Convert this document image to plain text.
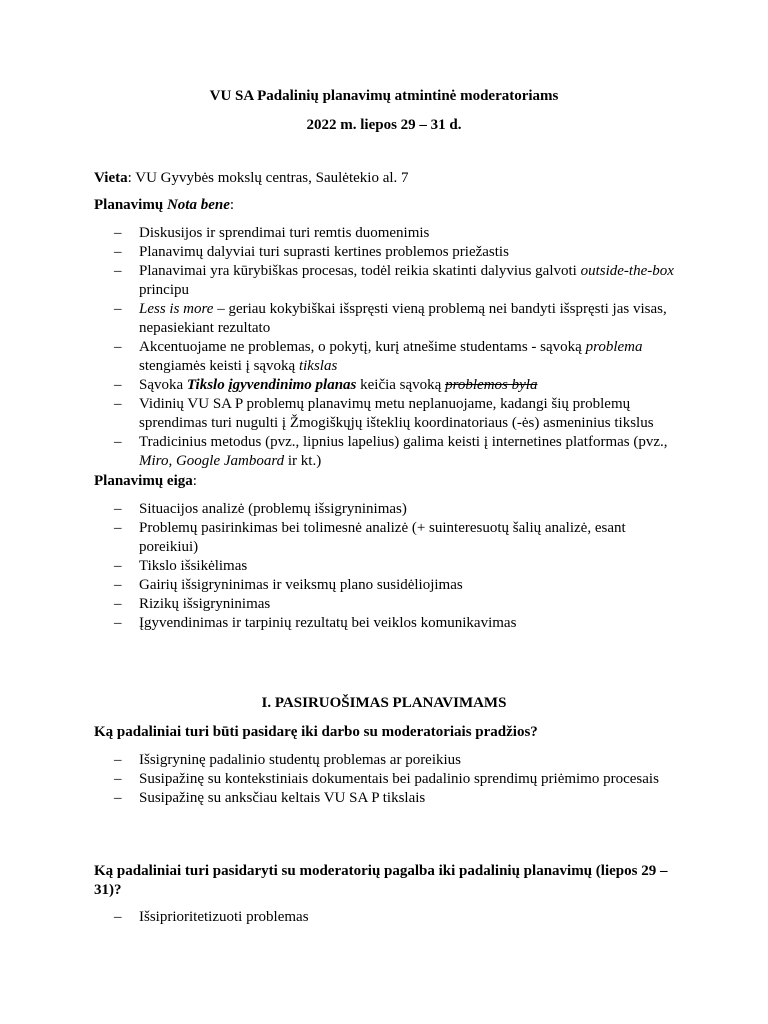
VU SA Padalinių planavimų atmintinė moderatoriams
2022 m. liepos 29 – 31 d.
Vieta: VU Gyvybės mokslų centras, Saulėtekio al. 7
Planavimų Nota bene:
– Diskusijos ir sprendimai turi remtis duomenimis
– Planavimų dalyviai turi suprasti kertines problemos priežastis
– Planavimai yra kūrybiškas procesas, todėl reikia skatinti dalyvius galvoti outside-the-box principu
– Less is more – geriau kokybiškai išspręsti vieną problemą nei bandyti išspręsti jas visas, nepasiekiant rezultato
– Akcentuojame ne problemas, o pokytį, kurį atnešime studentams - sąvoką problema stengiamės keisti į sąvoką tikslas
– Sąvoka Tikslo įgyvendinimo planas keičia sąvoką problemos byla
– Vidinių VU SA P problemų planavimų metu neplanuojame, kadangi šių problemų sprendimas turi nugulti į Žmogiškųjų išteklių koordinatoriaus (-ės) asmeninius tikslus
– Tradicinius metodus (pvz., lipnius lapelius) galima keisti į internetines platformas (pvz., Miro, Google Jamboard ir kt.)
Planavimų eiga:
– Situacijos analizė (problemų išsigryninimas)
– Problemų pasirinkimas bei tolimesnė analizė (+ suinteresuotų šalių analizė, esant poreikiui)
– Tikslo išsikėlimas
– Gairių išsigryninimas ir veiksmų plano susidėliojimas
– Rizikų išsigryninimas
– Įgyvendinimas ir tarpinių rezultatų bei veiklos komunikavimas
I. PASIRUOŠIMAS PLANAVIMAMS
Ką padaliniai turi būti pasidarę iki darbo su moderatoriais pradžios?
– Išsigryninę padalinio studentų problemas ar poreikius
– Susipažinę su kontekstiniais dokumentais bei padalinio sprendimų priėmimo procesais
– Susipažinę su anksčiau keltais VU SA P tikslais
Ką padaliniai turi pasidaryti su moderatorių pagalba iki padalinių planavimų (liepos 29 – 31)?
– Išsiprioritetizuoti problemas
